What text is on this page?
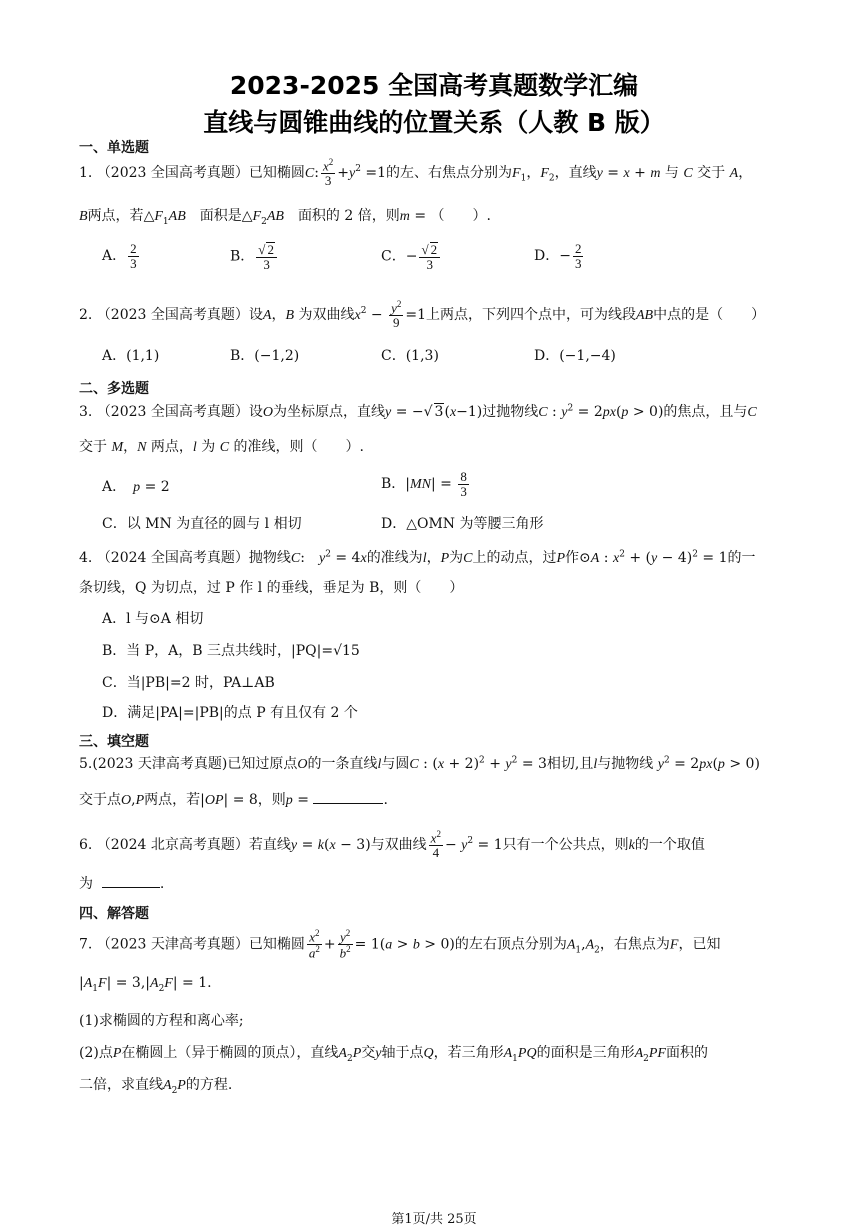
2023-2025 全国高考真题数学汇编
直线与圆锥曲线的位置关系（人教 B 版）
一、单选题
1. （2023 全国高考真题）已知椭圆C: $\frac{x^2}{3} +y^2 =1$的左、右焦点分别为$F_1$，$F_2$，直线y = x + m 与 C 交于 A，
B两点，若$\triangle F_1AB$　 面积是$\triangle F_2AB$　 面积的 2 倍，则m = （　　）.
A． $\frac{2}{3}$	B． $\frac{√ 2}{3}$	C．− $\frac{√ 2}{3}$	D．− $\frac{2}{3}$
2. （2023 全国高考真题）设A，B 为双曲线$x^2 - \frac{y^2}{9} =1$上两点，下列四个点中，可为线段AB中点的是（　　）
A．(1,1)	B．(−1,2)	C．(1,3)	D．(−1,−4)
二、多选题
3. （2023 全国高考真题）设O为坐标原点，直线y = −√ 3(x−1)过抛物线C : $y^2 = 2px(p > 0)$的焦点，且与C
交于 M，N 两点，l 为 C 的准线，则（　　）.
A．　 p = 2	B．$|MN| = \frac{8}{3}$
C．以 MN 为直径的圆与 l 相切	D．△OMN 为等腰三角形
4. （2024 全国高考真题）抛物线C:　$y^2 = 4x$的准线为l，P为C上的动点，过P作⊙A : $x^2 + (y - 4)^2 = 1$的一
条切线，Q 为切点，过 P 作 l 的垂线，垂足为 B，则（　　）
A．l 与⊙A 相切
B．当 P，A，B 三点共线时，|PQ|=√15
C．当|PB|=2 时，PA⊥AB
D．满足|PA|=|PB|的点 P 有且仅有 2 个
三、填空题
5.(2023 天津高考真题)已知过原点O的一条直线l与圆C : $(x + 2)^2 + y^2 = 3$相切,且l与抛物线 $y^2 = 2px(p > 0)$
交于点O,P两点，若|OP| = 8，则p =	.
6. （2024 北京高考真题）若直线y = k(x − 3)与双曲线 $\frac{x^2}{4} - y^2 = 1$只有一个公共点，则k的一个取值
为	.
四、解答题
7. （2023 天津高考真题）已知椭圆 $\frac{x^2}{a^2} + \frac{y^2}{b^2} = 1(a > b > 0)$的左右顶点分别为$A_1,A_2$，右焦点为F，已知
$|A_1F| = 3,|A_2F| = 1$.
(1)求椭圆的方程和离心率;
(2)点P在椭圆上（异于椭圆的顶点），直线$A_2P$交y轴于点Q，若三角形$A_1PQ$的面积是三角形$A_2PF$面积的
二倍，求直线$A_2P$的方程.
第1页/共 25页
